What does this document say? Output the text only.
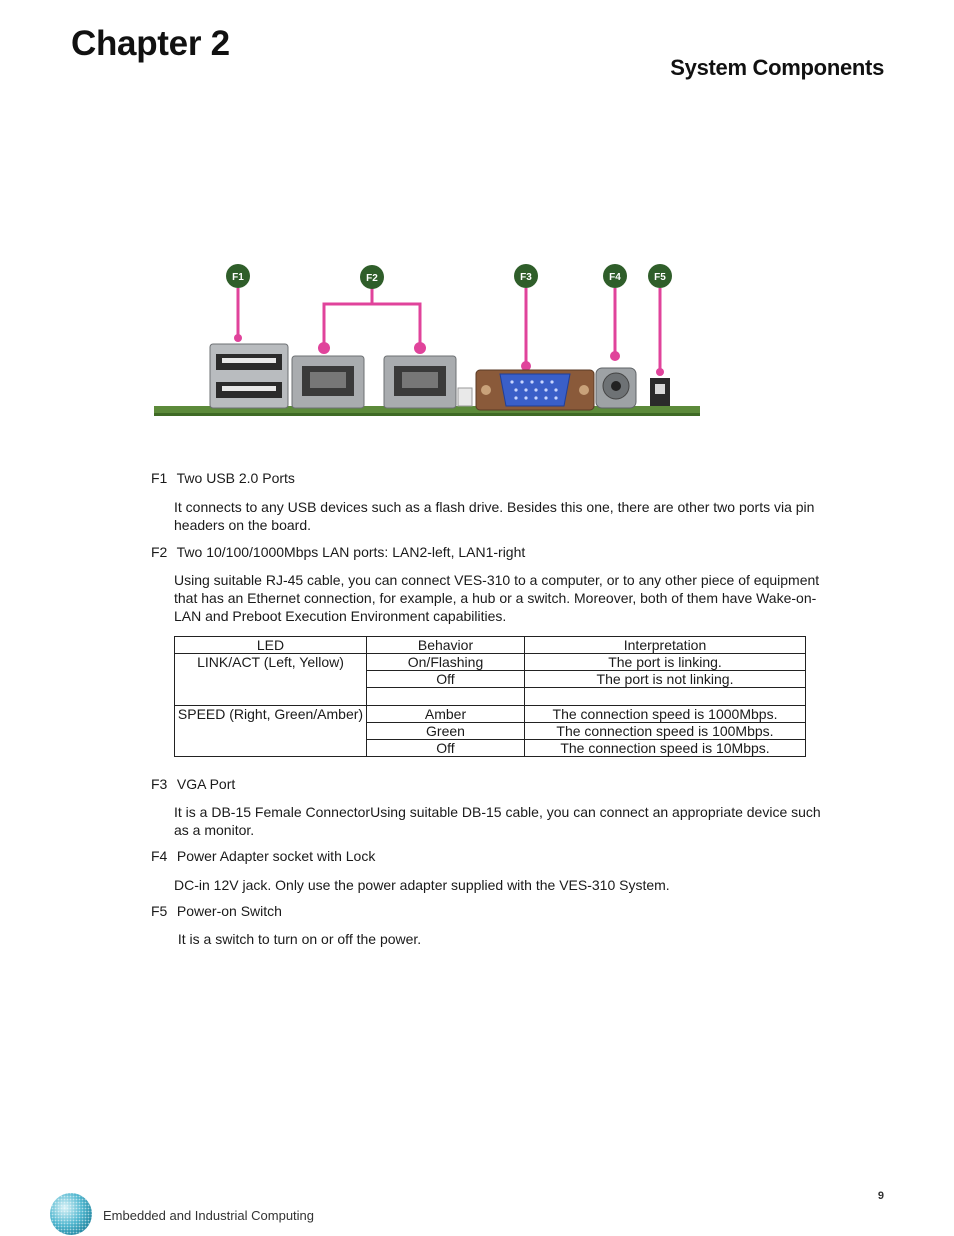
Chapter 2
System Components
F1	F2	F3	F4	F5
F1 Two USB 2.0 Ports
It connects to any USB devices such as a flash drive. Besides this one, there are other two ports via pin headers on the board.
F2 Two 10/100/1000Mbps LAN ports: LAN2-left, LAN1-right
Using suitable RJ-45 cable, you can connect VES-310 to a computer, or to any other piece of equipment that has an Ethernet connection, for example, a hub or a switch. Moreover, both of them have Wake-on-LAN and Preboot Execution Environment capabilities.
LED	Behavior	Interpretation
LINK/ACT (Left, Yellow)	On/Flashing	The port is linking.
	Off	The port is not linking.

SPEED (Right, Green/Amber)	Amber	The connection speed is 1000Mbps.
	Green	The connection speed is 100Mbps.
	Off	The connection speed is 10Mbps.
F3 VGA Port
It is a DB-15 Female ConnectorUsing suitable DB-15 cable, you can connect an appropriate device such as a monitor.
F4 Power Adapter socket with Lock
DC-in 12V jack. Only use the power adapter supplied with the VES-310 System.
F5 Power-on Switch
It is a switch to turn on or off the power.
Embedded and Industrial Computing
9
